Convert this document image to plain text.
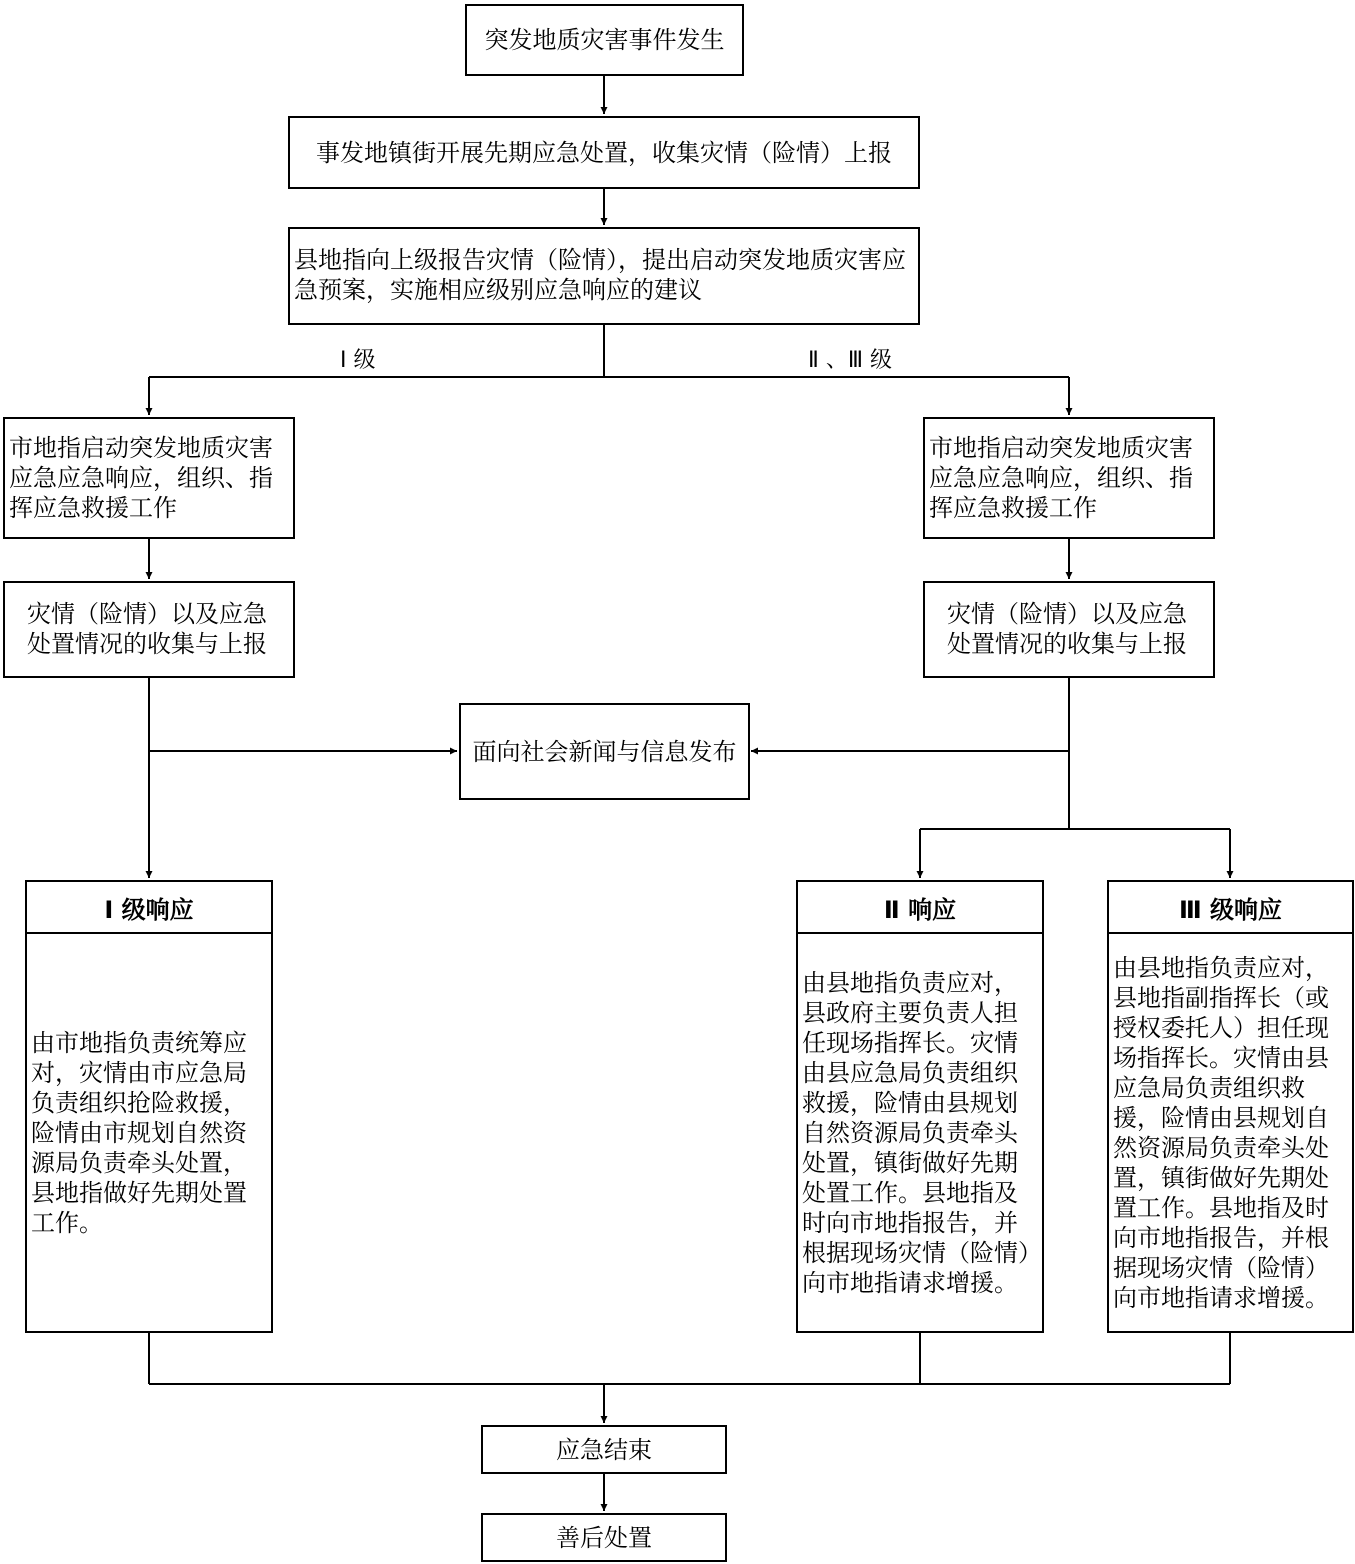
突发地质灾害事件发生
事发地镇街开展先期应急处置，收集灾情（险情）上报
县地指向上级报告灾情（险情），提出启动突发地质灾害应急预案，实施相应级别应急响应的建议
Ⅰ 级	Ⅱ 、Ⅲ 级
市地指启动突发地质灾害应急应急响应，组织、指挥应急救援工作
市地指启动突发地质灾害应急应急响应，组织、指挥应急救援工作
灾情（险情）以及应急处置情况的收集与上报
灾情（险情）以及应急处置情况的收集与上报
面向社会新闻与信息发布
Ⅰ 级响应
由市地指负责统筹应对，灾情由市应急局负责组织抢险救援，险情由市规划自然资源局负责牵头处置，县地指做好先期处置工作。
Ⅱ 响应
由县地指负责应对，县政府主要负责人担任现场指挥长。灾情由县应急局负责组织救援，险情由县规划自然资源局负责牵头处置，镇街做好先期处置工作。县地指及时向市地指报告，并根据现场灾情（险情）向市地指请求增援。
Ⅲ 级响应
由县地指负责应对，县地指副指挥长（或授权委托人）担任现场指挥长。灾情由县应急局负责组织救援，险情由县规划自然资源局负责牵头处置，镇街做好先期处置工作。县地指及时向市地指报告，并根据现场灾情（险情）向市地指请求增援。
应急结束
善后处置
